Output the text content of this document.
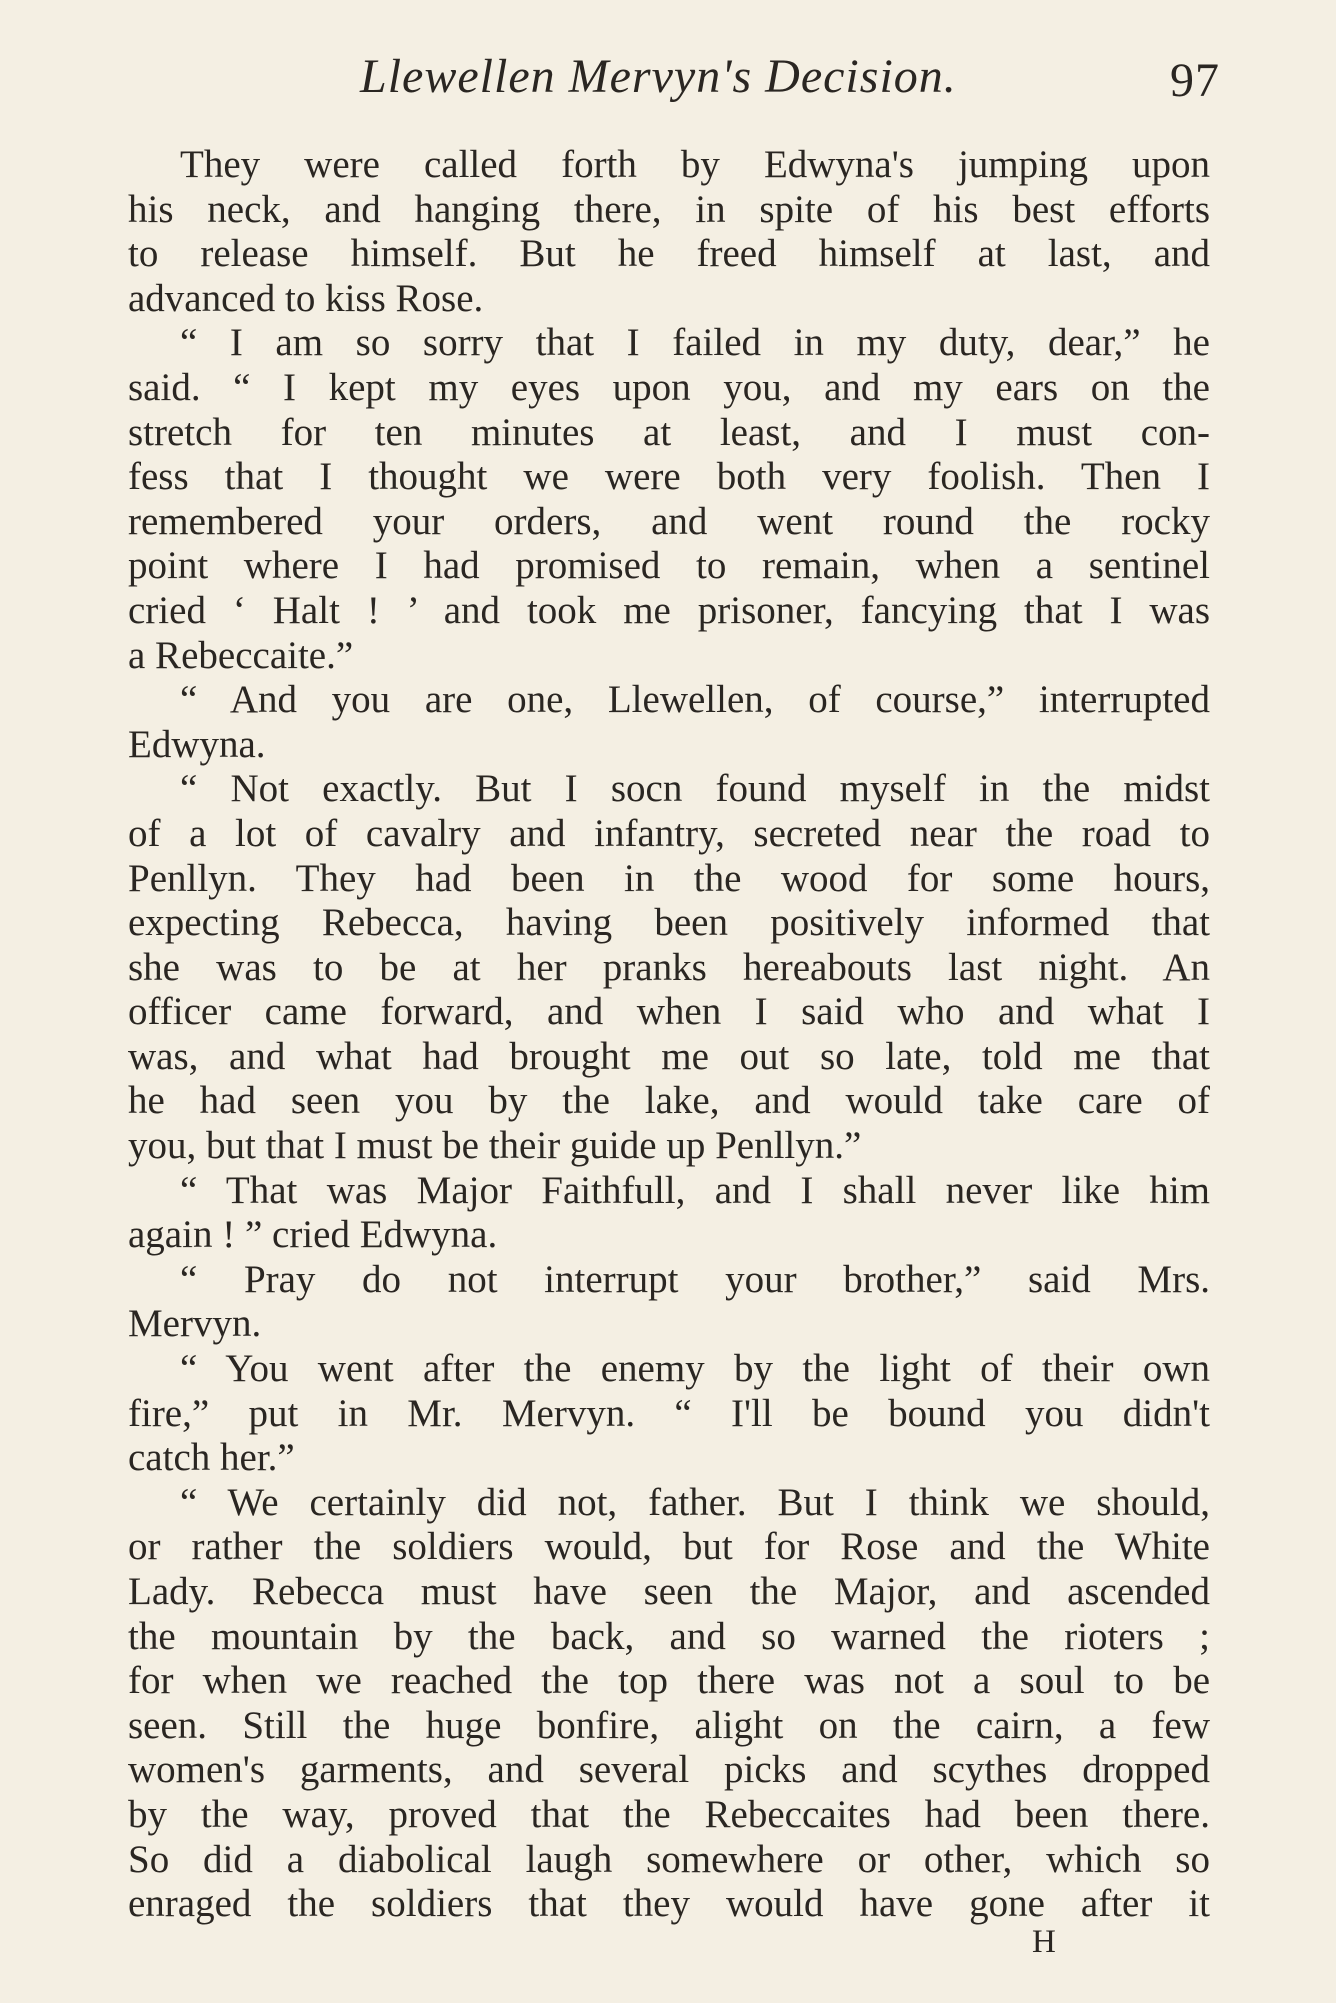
Llewellen Mervyn's Decision.	97
They were called forth by Edwyna's jumping upon
his neck, and hanging there, in spite of his best efforts
to release himself. But he freed himself at last, and
advanced to kiss Rose.
“ I am so sorry that I failed in my duty, dear,” he
said. “ I kept my eyes upon you, and my ears on the
stretch for ten minutes at least, and I must con-
fess that I thought we were both very foolish. Then I
remembered your orders, and went round the rocky
point where I had promised to remain, when a sentinel
cried ‘ Halt ! ’ and took me prisoner, fancying that I was
a Rebeccaite.”
“ And you are one, Llewellen, of course,” interrupted
Edwyna.
“ Not exactly. But I socn found myself in the midst
of a lot of cavalry and infantry, secreted near the road to
Penllyn. They had been in the wood for some hours,
expecting Rebecca, having been positively informed that
she was to be at her pranks hereabouts last night. An
officer came forward, and when I said who and what I
was, and what had brought me out so late, told me that
he had seen you by the lake, and would take care of
you, but that I must be their guide up Penllyn.”
“ That was Major Faithfull, and I shall never like him
again ! ” cried Edwyna.
“ Pray do not interrupt your brother,” said Mrs.
Mervyn.
“ You went after the enemy by the light of their own
fire,” put in Mr. Mervyn. “ I'll be bound you didn't
catch her.”
“ We certainly did not, father. But I think we should,
or rather the soldiers would, but for Rose and the White
Lady. Rebecca must have seen the Major, and ascended
the mountain by the back, and so warned the rioters ;
for when we reached the top there was not a soul to be
seen. Still the huge bonfire, alight on the cairn, a few
women's garments, and several picks and scythes dropped
by the way, proved that the Rebeccaites had been there.
So did a diabolical laugh somewhere or other, which so
enraged the soldiers that they would have gone after it
H
